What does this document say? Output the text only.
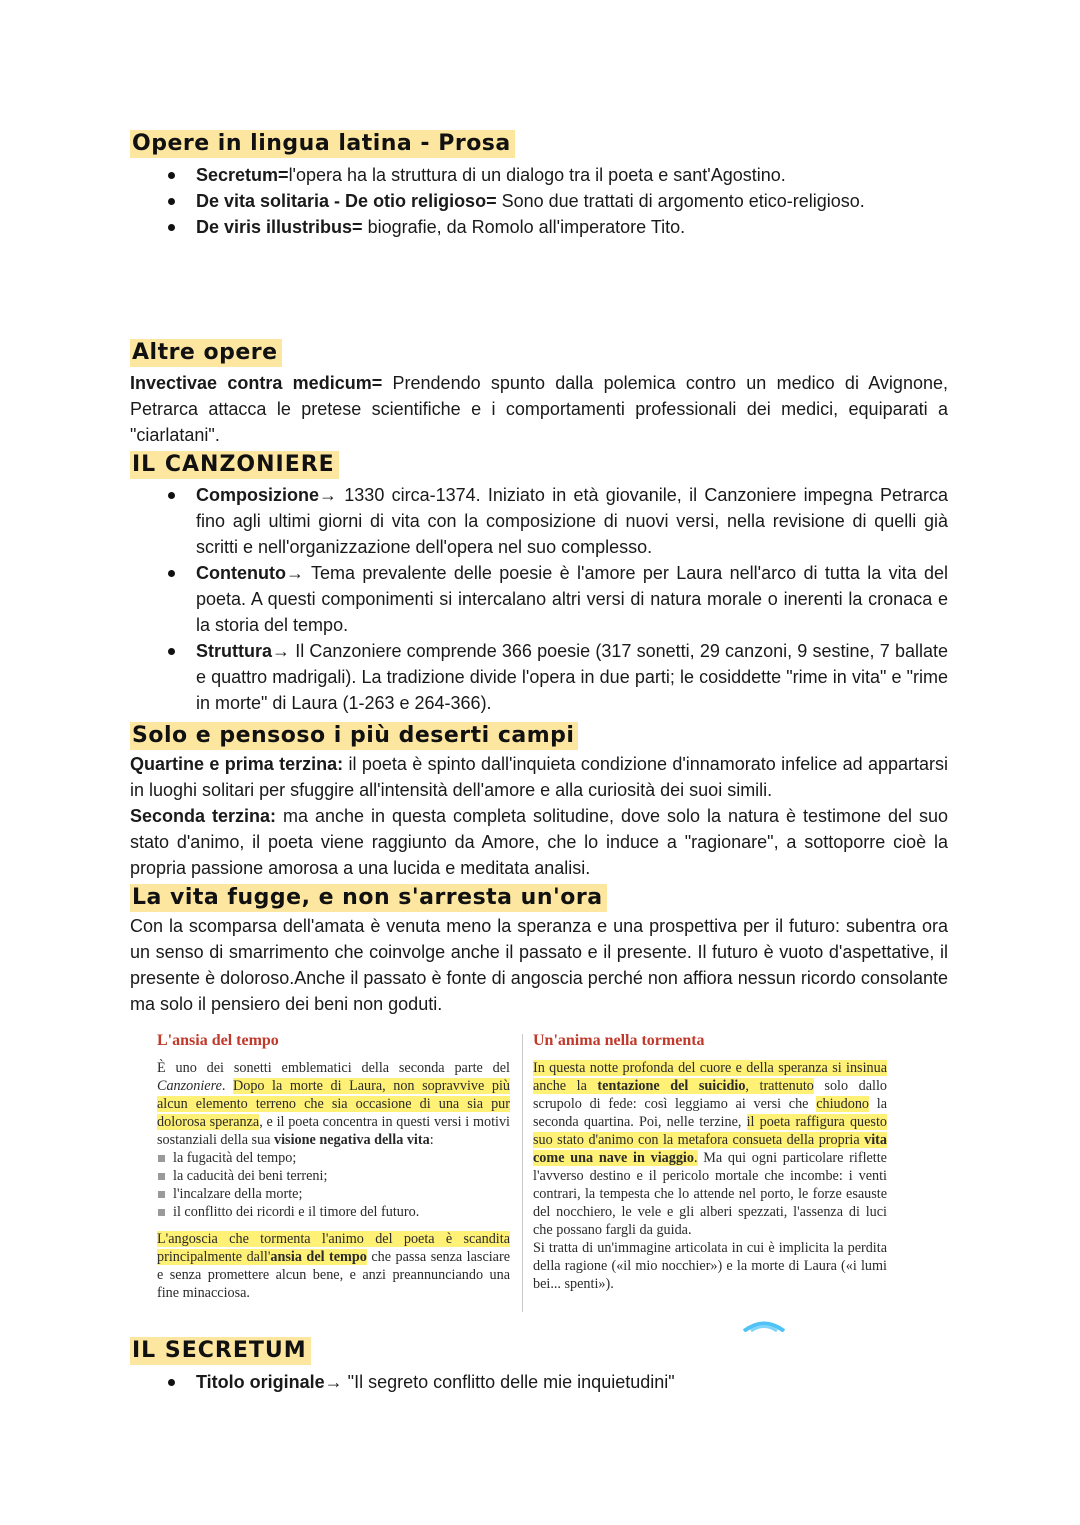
Opere in lingua latina - Prosa
Secretum=l'opera ha la struttura di un dialogo tra il poeta e sant'Agostino.
De vita solitaria - De otio religioso= Sono due trattati di argomento etico-religioso.
De viris illustribus= biografie, da Romolo all'imperatore Tito.
Altre opere

Invectivae contra medicum= Prendendo spunto dalla polemica contro un medico di Avignone, Petrarca attacca le pretese scientifiche e i comportamenti professionali dei medici, equiparati a "ciarlatani".

IL CANZONIERE
Composizione→ 1330 circa-1374. Iniziato in età giovanile, il Canzoniere impegna Petrarca fino agli ultimi giorni di vita con la composizione di nuovi versi, nella revisione di quelli già scritti e nell'organizzazione dell'opera nel suo complesso.
Contenuto→ Tema prevalente delle poesie è l'amore per Laura nell'arco di tutta la vita del poeta. A questi componimenti si intercalano altri versi di natura morale o inerenti la cronaca e la storia del tempo.
Struttura→ Il Canzoniere comprende 366 poesie (317 sonetti, 29 canzoni, 9 sestine, 7 ballate e quattro madrigali). La tradizione divide l'opera in due parti; le cosiddette "rime in vita" e "rime in morte" di Laura (1-263 e 264-366).
Solo e pensoso i più deserti campi

Quartine e prima terzina: il poeta è spinto dall'inquieta condizione d'innamorato infelice ad appartarsi in luoghi solitari per sfuggire all'intensità dell'amore e alla curiosità dei suoi simili.

Seconda terzina: ma anche in questa completa solitudine, dove solo la natura è testimone del suo stato d'animo, il poeta viene raggiunto da Amore, che lo induce a "ragionare", a sottoporre cioè la propria passione amorosa a una lucida e meditata analisi.

La vita fugge, e non s'arresta un'ora

Con la scomparsa dell'amata è venuta meno la speranza e una prospettiva per il futuro: subentra ora un senso di smarrimento che coinvolge anche il passato e il presente. Il futuro è vuoto d'aspettative, il presente è doloroso.Anche il passato è fonte di angoscia perché non affiora nessun ricordo consolante ma solo il pensiero dei beni non goduti.

IL SECRETUM
Titolo originale→ "Il segreto conflitto delle mie inquietudini"
L'ansia del tempo

È uno dei sonetti emblematici della seconda parte del Canzoniere. Dopo la morte di Laura, non sopravvive più alcun elemento terreno che sia occasione di una sia pur dolorosa speranza, e il poeta concentra in questi versi i motivi sostanziali della sua visione negativa della vita:

la fugacità del tempo;
la caducità dei beni terreni;
l'incalzare della morte;
il conflitto dei ricordi e il timore del futuro.

L'angoscia che tormenta l'animo del poeta è scandita principalmente dall'ansia del tempo che passa senza lasciare e senza promettere alcun bene, e anzi preannunciando una fine minacciosa.

Un'anima nella tormenta

In questa notte profonda del cuore e della speranza si insinua anche la tentazione del suicidio, trattenuto solo dallo scrupolo di fede: così leggiamo ai versi che chiudono la seconda quartina. Poi, nelle terzine, il poeta raffigura questo suo stato d'animo con la metafora consueta della propria vita come una nave in viaggio. Ma qui ogni particolare riflette l'avverso destino e il pericolo mortale che incombe: i venti contrari, la tempesta che lo attende nel porto, le forze esauste del nocchiero, le vele e gli alberi spezzati, l'assenza di luci che possano fargli da guida.

Si tratta di un'immagine articolata in cui è implicita la perdita della ragione («il mio nocchier») e la morte di Laura («i lumi bei... spenti»).
